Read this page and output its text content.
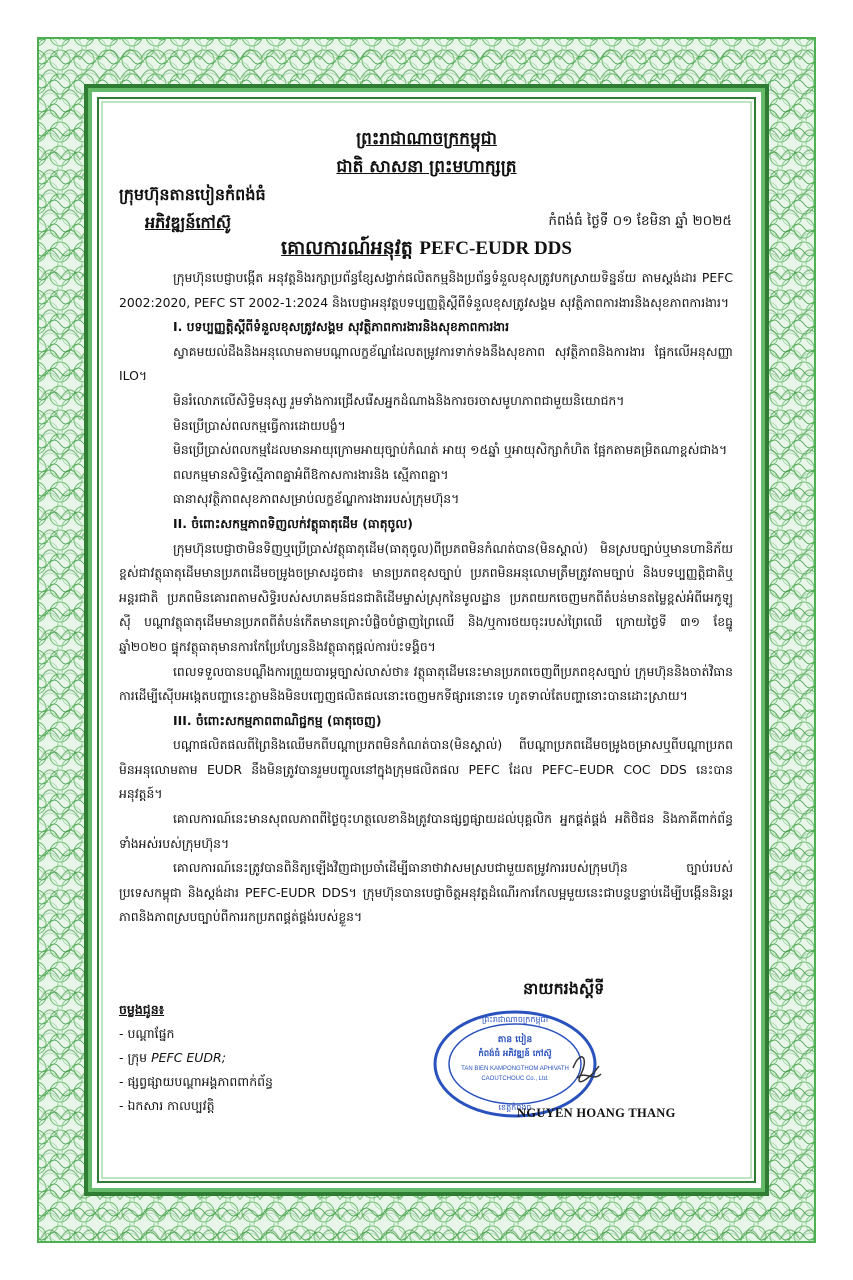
ព្រះរាជាណាចក្រកម្ពុជា
ជាតិ សាសនា ព្រះមហាក្សត្រ
ក្រុមហ៊ុនតានបៀនកំពង់ធំ
អភិវឌ្ឍន៍កៅស៊ូ	កំពង់ធំ ថ្ងៃទី ០១ ខែមិនា ឆ្នាំ ២០២៥
គោលការណ៍អនុវត្ត PEFC-EUDR DDS

ក្រុមហ៊ុនបេជ្ញាបង្កើត អនុវត្តនិងរក្សាប្រព័ន្ធខ្សែសង្វាក់ផលិតកម្មនិងប្រព័ន្ធទំនួលខុសត្រូវបកស្រាយទិន្នន័យ តាមស្តង់ដារ PEFC 2002:2020, PEFC ST 2002-1:2024 និងបេជ្ញាអនុវត្តបទប្បញ្ញត្តិស្តីពីទំនួលខុសត្រូវសង្គម សុវត្ថិភាពការងារនិងសុខភាពការងារ។

I. បទប្បញ្ញត្តិស្តីពីទំនួលខុសត្រូវសង្គម សុវត្ថិភាពការងារនិងសុខភាពការងារ

ស្វាគមយល់ដឹងនិងអនុលោមតាមបណ្តាលក្ខខ័ណ្ឌដែលតម្រូវការទាក់ទងនឹងសុខភាព សុវត្ថិភាពនិងការងារ ផ្អែកលើអនុសញ្ញា ILO។

មិនរំលោភលើសិទ្ធិមនុស្ស រួមទាំងការជ្រើសរើសអ្នកដំណាងនិងការចរចាសមូហភាពជាមួយនិយោជក។

មិនប្រើប្រាស់ពលកម្មធ្វើការដោយបង្ខំ។

មិនប្រើប្រាស់ពលកម្មដែលមានអាយុក្រោមអាយុច្បាប់កំណត់ អាយុ ១៥ឆ្នាំ ឬអាយុសិក្សាកំហិត ផ្អែកតាមគម្រិតណាខ្ពស់ជាង។

ពលកម្មមានសិទ្ធិស្មើភាពគ្នាអំពីឱកាសការងារនិង ស្មើភាពគ្នា។

ធានាសុវត្ថិភាពសុខភាពសម្រាប់លក្ខខ័ណ្ឌការងាររបស់ក្រុមហ៊ុន។

II. ចំពោះសកម្មភាពទិញលក់វត្ថុធាតុដើម (ធាតុចូល)

ក្រុមហ៊ុនបេជ្ញាថាមិនទិញឬប្រើប្រាស់វត្ថុធាតុដើម(ធាតុចូល)ពីប្រភពមិនកំណត់បាន(មិនស្គាល់) មិនស្របច្បាប់ឬមានហានិភ័យខ្ពស់ជាវត្ថុធាតុដើមមានប្រភពដើមចម្រូងចម្រាសដូចជា៖ មានប្រភពខុសច្បាប់ ប្រភពមិនអនុលោមត្រឹមត្រូវតាមច្បាប់ និងបទប្បញ្ញត្តិជាតិឬអន្តរជាតិ ប្រភពមិនគោរពតាមសិទ្ធិរបស់សហគមន៍ជនជាតិដើមម្ចាស់ស្រុកនៃមូលដ្ឋាន ប្រភពយកចេញមកពីតំបន់មានតម្លៃខ្ពស់អំពីអេកូឡូស៊ី បណ្តាវត្ថុធាតុដើមមានប្រភពពីតំបន់កើតមានគ្រោះបំផ្លិចបំផ្លាញព្រៃឈើ និង/ឬការថយចុះរបស់ព្រៃឈើ ក្រោយថ្ងៃទី ៣១ ខែធ្នូ ឆ្នាំ២០២០ ផ្ទុកវត្ថុធាតុមានការកែប្រែហ្សែននិងវត្ថុធាតុផ្តល់ការប៉ះទង្គិច។

ពេលទទួលបានបណ្តឹងការព្រួយបារម្ភច្បាស់លាស់ថា៖ វត្ថុធាតុដើមនេះមានប្រភពចេញពីប្រភពខុសច្បាប់ ក្រុមហ៊ុននិងចាត់វិធានការដើម្បីស៊ើបអង្កេតបញ្ហានេះភ្លាមនិងមិនបញ្ចេញផលិតផលនោះចេញមកទីផ្សារនោះទេ ហូតទាល់តែបញ្ហានោះបានដោះស្រាយ។

III. ចំពោះសកម្មភាពពាណិជ្ជកម្ម (ធាតុចេញ)

បណ្តាផលិតផលពីព្រៃនិងឈើមកពីបណ្តាប្រភពមិនកំណត់បាន(មិនស្គាល់) ពីបណ្តាប្រភពដើមចម្រូងចម្រាសឬពីបណ្តាប្រភពមិនអនុលោមតាម EUDR នឹងមិនត្រូវបានរួមបញ្ចូលនៅក្នុងក្រុមផលិតផល PEFC ដែល PEFC–EUDR COC DDS នេះបានអនុវត្តន៍។

គោលការណ៍នេះមានសុពលភាពពីថ្ងៃចុះហត្ថលេខានិងត្រូវបានផ្សព្វផ្សាយដល់បុគ្គលិក អ្នកផ្គត់ផ្គង់ អតិថិជន និងភាគីពាក់ព័ន្ធទាំងអស់របស់ក្រុមហ៊ុន។

គោលការណ៍នេះត្រូវបានពិនិត្យឡើងវិញជាប្រចាំដើម្បីធានាថាវាសមស្របជាមួយតម្រូវការរបស់ក្រុមហ៊ុន ច្បាប់របស់ប្រទេសកម្ពុជា និងស្តង់ដារ PEFC-EUDR DDS។ ក្រុមហ៊ុនបានបេជ្ញាចិត្តអនុវត្តដំណើរការកែលម្អមួយនេះជាបន្តបន្ទាប់ដើម្បីបង្កើននិរន្តរភាពនិងភាពស្របច្បាប់ពីការរកប្រភពផ្គត់ផ្គង់របស់ខ្លួន។

នាយករងស្តីទី
ព្រះរាជាណាចក្រកម្ពុជា
តាន បៀន
កំពង់ធំ អភិវឌ្ឍន៍ កៅស៊ូ
TAN BIEN KAMPONGTHOM APHIVATH
CAOUTCHOUC Co., Ltd.
ខេត្តកំពង់ធំ
NGUYEN HOANG THANG
ចម្លងជូន៖
- បណ្តាផ្នែក
- ក្រុម PEFC EUDR;
- ផ្សព្វផ្សាយបណ្តាអង្គភាពពាក់ព័ន្ធ
- ឯកសារ កាលប្បវត្តិ
